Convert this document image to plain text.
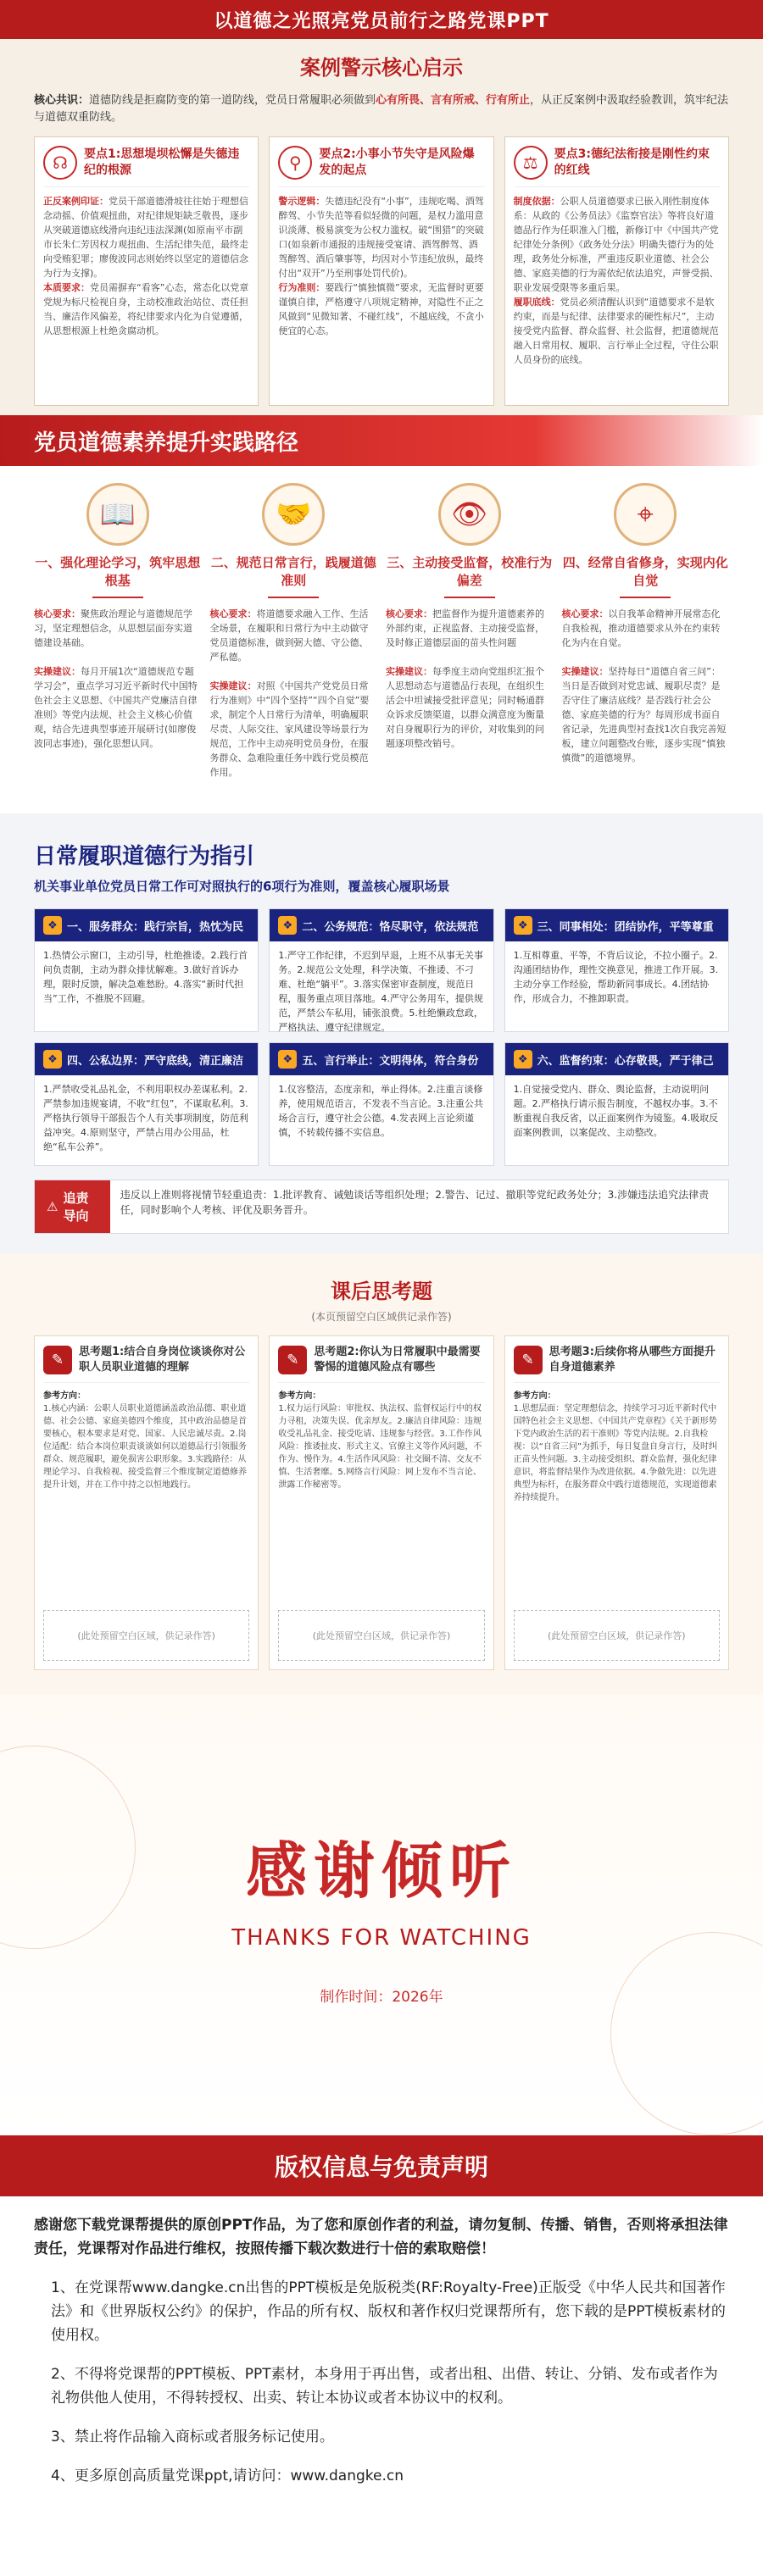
以道德之光照亮党员前行之路党课PPT
案例警示核心启示
核心共识：道德防线是拒腐防变的第一道防线，党员日常履职必须做到心有所畏、言有所戒、行有所止，从正反案例中汲取经验教训，筑牢纪法与道德双重防线。
☊	要点1:思想堤坝松懈是失德违纪的根源
正反案例印证：党员干部道德滑坡往往始于理想信念动摇、价值观扭曲，对纪律规矩缺乏敬畏，逐步从突破道德底线滑向违纪违法深渊(如原南平市副市长朱仁芳因权力观扭曲、生活纪律失范，最终走向受贿犯罪；廖俊波同志则始终以坚定的道德信念为行为支撑)。
本质要求：党员需摒弃“看客”心态，常态化以党章党规为标尺检视自身，主动校准政治站位、责任担当、廉洁作风偏差，将纪律要求内化为自觉遵循，从思想根源上杜绝贪腐动机。
⚲	要点2:小事小节失守是风险爆发的起点
警示逻辑：失德违纪没有“小事”，违规吃喝、酒驾醉驾、小节失范等看似轻微的问题，是权力滥用意识淡薄、极易演变为公权力滥权。破“围猎”的突破口(如泉新市通报的违规接受宴请、酒驾醉驾、酒驾醉驾、酒后肇事等，均因对小节违纪放纵，最终付出“双开”乃至刑事处罚代价)。
行为准则：要践行“慎独慎微”要求，无监督时更要谨慎自律，严格遵守八项规定精神，对隐性不正之风做到“见微知著、不碰红线”，不越底线，不贪小便宜的心态。
⚖	要点3:德纪法衔接是刚性约束的红线
制度依据：公职人员道德要求已嵌入刚性制度体系：从政的《公务员法》《监察官法》等将良好道德品行作为任职准入门槛，新修订中《中国共产党纪律处分条例》《政务处分法》明确失德行为的处理，政务处分标准，严重违反职业道德、社会公德、家庭美德的行为需依纪依法追究，声誉受损、职业发展受限等多重后果。
履职底线：党员必须清醒认识到“道德要求不是软约束，而是与纪律、法律要求的硬性标尺”，主动接受党内监督、群众监督、社会监督，把道德规范融入日常用权、履职、言行举止全过程，守住公职人员身份的底线。
党员道德素养提升实践路径
📖
一、强化理论学习，筑牢思想根基
核心要求：聚焦政治理论与道德规范学习，坚定理想信念，从思想层面夯实道德建设基础。

实操建议：每月开展1次“道德规范专题学习会”，重点学习习近平新时代中国特色社会主义思想、《中国共产党廉洁自律准则》等党内法规、社会主义核心价值观，结合先进典型事迹开展研讨(如廖俊波同志事迹)，强化思想认同。
🤝
二、规范日常言行，践履道德准则
核心要求：将道德要求融入工作、生活全场景，在履职和日常行为中主动做守党员道德标准，做到弼大德、守公德、严私德。

实操建议：对照《中国共产党党员日常行为准则》中“四个坚持”“四个自觉”要求，制定个人日常行为清单，明确履职尽责、人际交往、家风建设等场景行为规范，工作中主动亮明党员身份，在服务群众、急难险重任务中践行党员模范作用。
👁
三、主动接受监督，校准行为偏差
核心要求：把监督作为提升道德素养的外部约束，正视监督、主动接受监督，及时修正道德层面的苗头性问题

实操建议：每季度主动向党组织汇报个人思想动态与道德品行表现，在组织生活会中坦诚接受批评意见；同时畅通群众诉求反馈渠道，以群众满意度为衡量对自身履职行为的评价，对收集到的问题逐项整改销号。
⌖
四、经常自省修身，实现内化自觉
核心要求：以自我革命精神开展常态化自我检视，推动道德要求从外在约束转化为内在自觉。

实操建议：坚持每日“道德自省三问”：当日是否做到对党忠诚、履职尽责？是否守住了廉洁底线？是否践行社会公德、家庭美德的行为？每周形成书面自省记录，先进典型衬查找1次自我完善短板，建立问题整改台账，逐步实现“慎独慎微”的道德境界。
日常履职道德行为指引
机关事业单位党员日常工作可对照执行的6项行为准则，覆盖核心履职场景
❖ 一、服务群众：践行宗旨，热忱为民
1.热情公示窗口，主动引导，杜绝推诿。2.践行首问负责制，主动为群众排忧解难。3.做好首诉办理，限时反馈，解决急难愁盼。4.落实“新时代担当”工作，不推脱不回避。
❖ 二、公务规范：恪尽职守，依法规范
1.严守工作纪律，不迟到早退，上班不从事无关事务。2.规范公文处理，科学决策、不推诿、不刁难、杜绝“躺平”。3.落实保密审查制度，规范日程，服务重点项目落地。4.严守公务用车，提供规范，严禁公车私用，铺张浪费。5.杜绝懒政怠政，严格执法、遵守纪律规定。
❖ 三、同事相处：团结协作，平等尊重
1.互相尊重、平等，不背后议论，不拉小圈子。2.沟通团结协作，理性交换意见，推进工作开展。3.主动分享工作经验，帮助新同事成长。4.团结协作，形成合力，不推卸职责。
❖ 四、公私边界：严守底线，清正廉洁
1.严禁收受礼品礼金，不利用职权办差谋私利。2.严禁参加违规宴请，不收“红包”，不谋取私利。3.严格执行领导干部报告个人有关事项制度，防范利益冲突。4.原则坚守，严禁占用办公用品，杜绝“私车公养”。
❖ 五、言行举止：文明得体，符合身份
1.仪容整洁，态度亲和，举止得体。2.注重言谈修养，使用规范语言，不发表不当言论。3.注重公共场合言行，遵守社会公德。4.发表网上言论须谨慎，不转载传播不实信息。
❖ 六、监督约束：心存敬畏，严于律己
1.自觉接受党内、群众、舆论监督，主动说明问题。2.严格执行请示报告制度，不越权办事。3.不断重视自我反省，以正面案例作为镜鉴。4.吸取反面案例教训，以案促改、主动整改。
⚠
追责导向
违反以上准则将视情节轻重追责：1.批评教育、诫勉谈话等组织处理；2.警告、记过、撤职等党纪政务处分；3.涉嫌违法追究法律责任，同时影响个人考核、评优及职务晋升。
课后思考题
(本页预留空白区域供记录作答)
✎	思考题1:结合自身岗位谈谈你对公职人员职业道德的理解
参考方向：
1.核心内涵：公职人员职业道德涵盖政治品德、职业道德、社会公德、家庭美德四个维度，其中政治品德是首要核心，根本要求是对党、国家、人民忠诚尽责。2.岗位适配：结合本岗位职责谈谈如何以道德品行引领服务群众、规范履职，避免损害公职形象。3.实践路径：从理论学习、自我检视、接受监督三个维度制定道德修养提升计划，并在工作中持之以恒地践行。
(此处预留空白区域，供记录作答)
✎	思考题2:你认为日常履职中最需要警惕的道德风险点有哪些
参考方向：
1.权力运行风险：审批权、执法权、监督权运行中的权力寻租，决策失误、优亲厚友。2.廉洁自律风险：违规收受礼品礼金、接受吃请、违规参与经营。3.工作作风风险：推诿扯皮、形式主义、官僚主义等作风问题，不作为、慢作为。4.生活作风风险：社交圈不清、交友不慎、生活奢靡。5.网络言行风险：网上发布不当言论、泄露工作秘密等。
(此处预留空白区域，供记录作答)
✎	思考题3:后续你将从哪些方面提升自身道德素养
参考方向：
1.思想层面：坚定理想信念，持续学习习近平新时代中国特色社会主义思想、《中国共产党章程》《关于新形势下党内政治生活的若干准则》等党内法规。2.自我检视：以“自省三问”为抓手，每日复盘自身言行，及时纠正苗头性问题。3.主动接受组织、群众监督，强化纪律意识，将监督结果作为改进依据。4.争做先进：以先进典型为标杆，在服务群众中践行道德规范，实现道德素养持续提升。
(此处预留空白区域，供记录作答)
感谢倾听
THANKS FOR WATCHING
制作时间：2026年
版权信息与免责声明
感谢您下载党课帮提供的原创PPT作品，为了您和原创作者的利益，请勿复制、传播、销售，否则将承担法律责任，党课帮对作品进行维权，按照传播下载次数进行十倍的索取赔偿！
1、在党课帮www.dangke.cn出售的PPT模板是免版税类(RF:Royalty-Free)正版受《中华人民共和国著作法》和《世界版权公约》的保护，作品的所有权、版权和著作权归党课帮所有，您下载的是PPT模板素材的使用权。
2、不得将党课帮的PPT模板、PPT素材，本身用于再出售，或者出租、出借、转让、分销、发布或者作为礼物供他人使用，不得转授权、出卖、转让本协议或者本协议中的权利。
3、禁止将作品输入商标或者服务标记使用。
4、更多原创高质量党课ppt,请访问：www.dangke.cn
